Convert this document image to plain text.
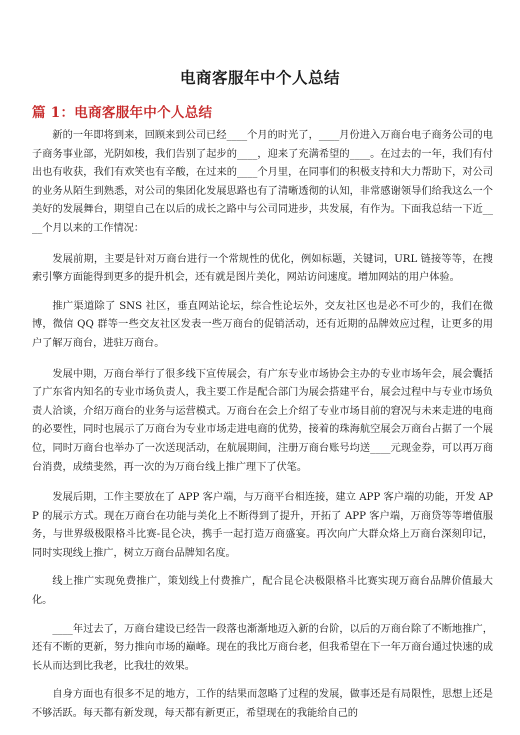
电商客服年中个人总结
篇 1：电商客服年中个人总结

新的一年即将到来，回顾来到公司已经____个月的时光了，____月份进入万商台电子商务公司的电子商务事业部，光阴如梭，我们告别了起步的____，迎来了充满希望的____。在过去的一年，我们有付出也有收获，我们有欢笑也有辛酸，在过来的____个月里，在同事们的积极支持和大力帮助下，对公司的业务从陌生到熟悉，对公司的集团化发展思路也有了清晰透彻的认知，非常感谢领导们给我这么一个美好的发展舞台，期望自己在以后的成长之路中与公司同进步，共发展，有作为。下面我总结一下近____个月以来的工作情况：

发展前期，主要是针对万商台进行一个常规性的优化，例如标题，关键词，URL 链接等等，在搜索引擎方面能得到更多的提升机会，还有就是图片美化，网站访问速度。增加网站的用户体验。

推广渠道除了 SNS 社区，垂直网站论坛，综合性论坛外，交友社区也是必不可少的，我们在微博，微信 QQ 群等一些交友社区发表一些万商台的促销活动，还有近期的品牌效应过程，让更多的用户了解万商台，进驻万商台。

发展中期，万商台举行了很多线下宣传展会，有广东专业市场协会主办的专业市场年会，展会囊括了广东省内知名的专业市场负责人，我主要工作是配合部门为展会搭建平台，展会过程中与专业市场负责人洽谈，介绍万商台的业务与运营模式。万商台在会上介绍了专业市场目前的窘况与未来走进的电商的必要性，同时也展示了万商台为专业市场走进电商的优势，接着的珠海航空展会万商台占据了一个展位，同时万商台也举办了一次送现活动，在航展期间，注册万商台账号均送____元现金券，可以再万商台消费，成绩斐然，再一次的为万商台线上推广理下了伏笔。

发展后期，工作主要放在了 APP 客户端，与万商平台相连接，建立 APP 客户端的功能，开发 APP 的展示方式。现在万商台在功能与美化上不断得到了提升，开拓了 APP 客户端，万商贷等等增值服务，与世界级极限格斗比赛-昆仑决，携手一起打造万商盛宴。再次向广大群众烙上万商台深刻印记，同时实现线上推广，树立万商台品牌知名度。

线上推广实现免费推广，策划线上付费推广，配合昆仑决极限格斗比赛实现万商台品牌价值最大化。

____年过去了，万商台建设已经告一段落也渐渐地迈入新的台阶，以后的万商台除了不断地推广，还有不断的更新，努力推向市场的巅峰。现在的我比万商台老，但我希望在下一年万商台通过快速的成长从而达到比我老，比我壮的效果。

自身方面也有很多不足的地方，工作的结果而忽略了过程的发展，做事还是有局限性，思想上还是不够活跃。每天都有新发现，每天都有新更正，希望现在的我能给自己的
